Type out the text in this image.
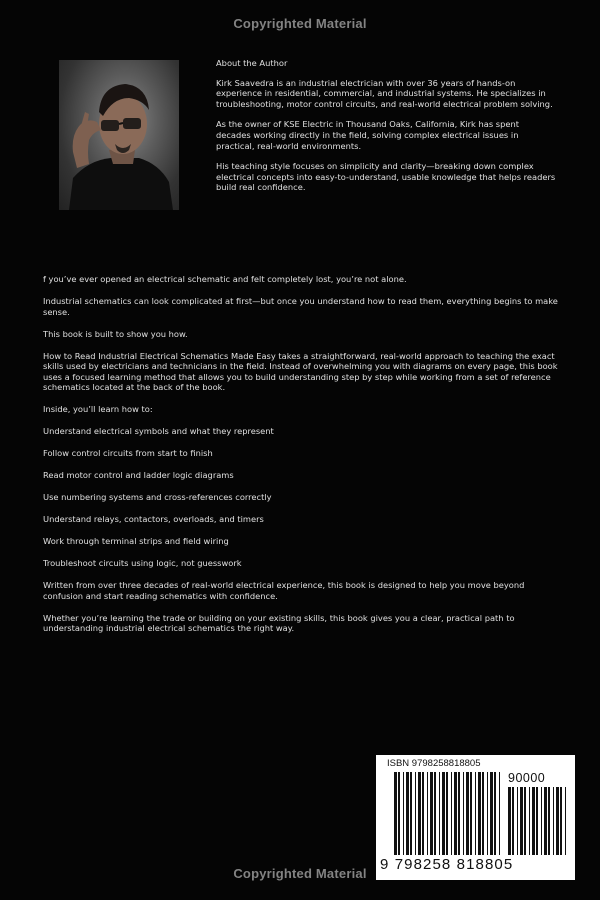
Copyrighted Material
About the Author

Kirk Saavedra is an industrial electrician with over 36 years of hands-on experience in residential, commercial, and industrial systems. He specializes in troubleshooting, motor control circuits, and real-world electrical problem solving.

As the owner of KSE Electric in Thousand Oaks, California, Kirk has spent decades working directly in the field, solving complex electrical issues in practical, real-world environments.

His teaching style focuses on simplicity and clarity—breaking down complex electrical concepts into easy-to-understand, usable knowledge that helps readers build real confidence.

f you’ve ever opened an electrical schematic and felt completely lost, you’re not alone.

Industrial schematics can look complicated at first—but once you understand how to read them, everything begins to make sense.

This book is built to show you how.

How to Read Industrial Electrical Schematics Made Easy takes a straightforward, real-world approach to teaching the exact skills used by electricians and technicians in the field. Instead of overwhelming you with diagrams on every page, this book uses a focused learning method that allows you to build understanding step by step while working from a set of reference schematics located at the back of the book.

Inside, you’ll learn how to:

Understand electrical symbols and what they represent
Follow control circuits from start to finish
Read motor control and ladder logic diagrams
Use numbering systems and cross-references correctly
Understand relays, contactors, overloads, and timers
Work through terminal strips and field wiring
Troubleshoot circuits using logic, not guesswork

Written from over three decades of real-world electrical experience, this book is designed to help you move beyond confusion and start reading schematics with confidence.

Whether you’re learning the trade or building on your existing skills, this book gives you a clear, practical path to understanding industrial electrical schematics the right way.

ISBN 9798258818805
90000
9 798258 818805
Copyrighted Material
